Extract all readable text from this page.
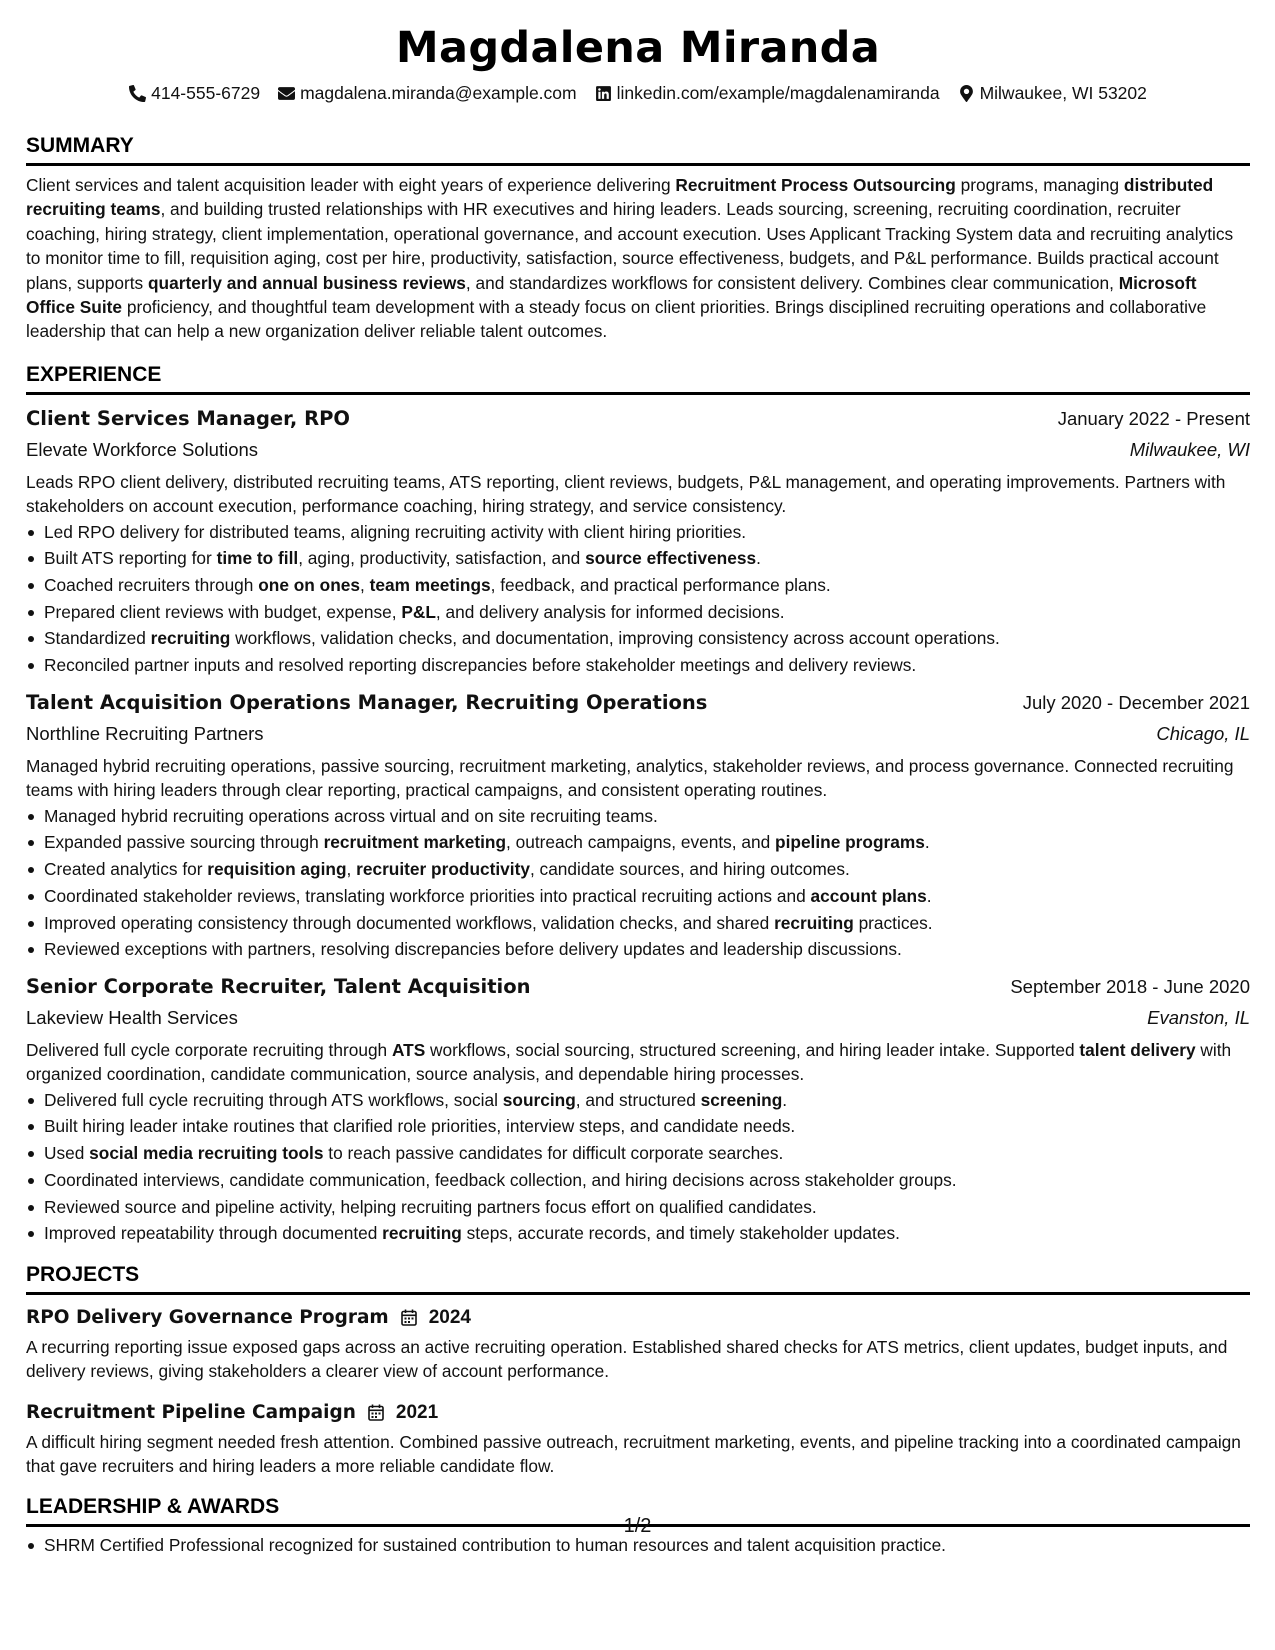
Magdalena Miranda
414-555-6729 magdalena.miranda@example.com linkedin.com/example/magdalenamiranda Milwaukee, WI 53202
SUMMARY
Client services and talent acquisition leader with eight years of experience delivering Recruitment Process Outsourcing programs, managing distributed recruiting teams, and building trusted relationships with HR executives and hiring leaders. Leads sourcing, screening, recruiting coordination, recruiter coaching, hiring strategy, client implementation, operational governance, and account execution. Uses Applicant Tracking System data and recruiting analytics to monitor time to fill, requisition aging, cost per hire, productivity, satisfaction, source effectiveness, budgets, and P&L performance. Builds practical account plans, supports quarterly and annual business reviews, and standardizes workflows for consistent delivery. Combines clear communication, Microsoft Office Suite proficiency, and thoughtful team development with a steady focus on client priorities. Brings disciplined recruiting operations and collaborative leadership that can help a new organization deliver reliable talent outcomes.
EXPERIENCE
Client Services Manager, RPO	January 2022 - Present
Elevate Workforce Solutions	Milwaukee, WI
Leads RPO client delivery, distributed recruiting teams, ATS reporting, client reviews, budgets, P&L management, and operating improvements. Partners with stakeholders on account execution, performance coaching, hiring strategy, and service consistency.
Led RPO delivery for distributed teams, aligning recruiting activity with client hiring priorities.
Built ATS reporting for time to fill, aging, productivity, satisfaction, and source effectiveness.
Coached recruiters through one on ones, team meetings, feedback, and practical performance plans.
Prepared client reviews with budget, expense, P&L, and delivery analysis for informed decisions.
Standardized recruiting workflows, validation checks, and documentation, improving consistency across account operations.
Reconciled partner inputs and resolved reporting discrepancies before stakeholder meetings and delivery reviews.
Talent Acquisition Operations Manager, Recruiting Operations	July 2020 - December 2021
Northline Recruiting Partners	Chicago, IL
Managed hybrid recruiting operations, passive sourcing, recruitment marketing, analytics, stakeholder reviews, and process governance. Connected recruiting teams with hiring leaders through clear reporting, practical campaigns, and consistent operating routines.
Managed hybrid recruiting operations across virtual and on site recruiting teams.
Expanded passive sourcing through recruitment marketing, outreach campaigns, events, and pipeline programs.
Created analytics for requisition aging, recruiter productivity, candidate sources, and hiring outcomes.
Coordinated stakeholder reviews, translating workforce priorities into practical recruiting actions and account plans.
Improved operating consistency through documented workflows, validation checks, and shared recruiting practices.
Reviewed exceptions with partners, resolving discrepancies before delivery updates and leadership discussions.
Senior Corporate Recruiter, Talent Acquisition	September 2018 - June 2020
Lakeview Health Services	Evanston, IL
Delivered full cycle corporate recruiting through ATS workflows, social sourcing, structured screening, and hiring leader intake. Supported talent delivery with organized coordination, candidate communication, source analysis, and dependable hiring processes.
Delivered full cycle recruiting through ATS workflows, social sourcing, and structured screening.
Built hiring leader intake routines that clarified role priorities, interview steps, and candidate needs.
Used social media recruiting tools to reach passive candidates for difficult corporate searches.
Coordinated interviews, candidate communication, feedback collection, and hiring decisions across stakeholder groups.
Reviewed source and pipeline activity, helping recruiting partners focus effort on qualified candidates.
Improved repeatability through documented recruiting steps, accurate records, and timely stakeholder updates.
PROJECTS
RPO Delivery Governance Program 2024
A recurring reporting issue exposed gaps across an active recruiting operation. Established shared checks for ATS metrics, client updates, budget inputs, and delivery reviews, giving stakeholders a clearer view of account performance.
Recruitment Pipeline Campaign 2021
A difficult hiring segment needed fresh attention. Combined passive outreach, recruitment marketing, events, and pipeline tracking into a coordinated campaign that gave recruiters and hiring leaders a more reliable candidate flow.
LEADERSHIP & AWARDS
SHRM Certified Professional recognized for sustained contribution to human resources and talent acquisition practice.
1/2
